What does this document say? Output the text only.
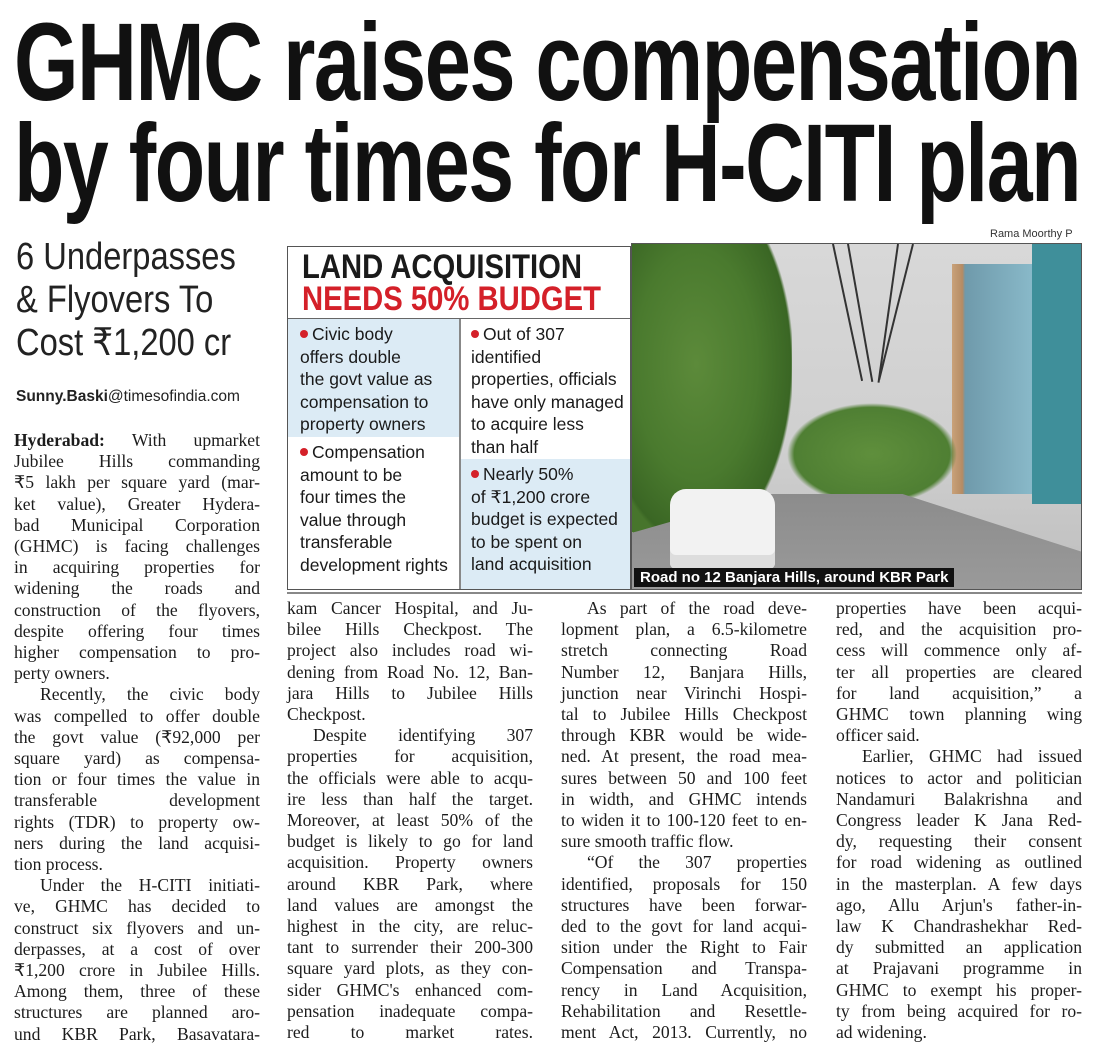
GHMC raises compensation
by four times for H-CITI plan
6 Underpasses
& Flyovers To
Cost ₹1,200 cr
Sunny.Baski@timesofindia.com
LAND ACQUISITION
NEEDS 50% BUDGET
Civic body
offers double
the govt value as
compensation to
property owners
Compensation
amount to be
four times the
value through
transferable
development rights
Out of 307
identified
properties, officials
have only managed
to acquire less
than half
Nearly 50%
of ₹1,200 crore
budget is expected
to be spent on
land acquisition
Rama Moorthy P
Road no 12 Banjara Hills, around KBR Park
Hyderabad: With upmarket
Jubilee Hills commanding
₹5 lakh per square yard (mar-
ket value), Greater Hydera-
bad Municipal Corporation
(GHMC) is facing challenges
in acquiring properties for
widening the roads and
construction of the flyovers,
despite offering four times
higher compensation to pro-
perty owners.
Recently, the civic body
was compelled to offer double
the govt value (₹92,000 per
square yard) as compensa-
tion or four times the value in
transferable development
rights (TDR) to property ow-
ners during the land acquisi-
tion process.
Under the H-CITI initiati-
ve, GHMC has decided to
construct six flyovers and un-
derpasses, at a cost of over
₹1,200 crore in Jubilee Hills.
Among them, three of these
structures are planned aro-
und KBR Park, Basavatara-
kam Cancer Hospital, and Ju-
bilee Hills Checkpost. The
project also includes road wi-
dening from Road No. 12, Ban-
jara Hills to Jubilee Hills
Checkpost.
Despite identifying 307
properties for acquisition,
the officials were able to acqu-
ire less than half the target.
Moreover, at least 50% of the
budget is likely to go for land
acquisition. Property owners
around KBR Park, where
land values are amongst the
highest in the city, are reluc-
tant to surrender their 200-300
square yard plots, as they con-
sider GHMC's enhanced com-
pensation inadequate compa-
red to market rates.
As part of the road deve-
lopment plan, a 6.5-kilometre
stretch connecting Road
Number 12, Banjara Hills,
junction near Virinchi Hospi-
tal to Jubilee Hills Checkpost
through KBR would be wide-
ned. At present, the road mea-
sures between 50 and 100 feet
in width, and GHMC intends
to widen it to 100-120 feet to en-
sure smooth traffic flow.
“Of the 307 properties
identified, proposals for 150
structures have been forwar-
ded to the govt for land acqui-
sition under the Right to Fair
Compensation and Transpa-
rency in Land Acquisition,
Rehabilitation and Resettle-
ment Act, 2013. Currently, no
properties have been acqui-
red, and the acquisition pro-
cess will commence only af-
ter all properties are cleared
for land acquisition,” a
GHMC town planning wing
officer said.
Earlier, GHMC had issued
notices to actor and politician
Nandamuri Balakrishna and
Congress leader K Jana Red-
dy, requesting their consent
for road widening as outlined
in the masterplan. A few days
ago, Allu Arjun's father-in-
law K Chandrashekhar Red-
dy submitted an application
at Prajavani programme in
GHMC to exempt his proper-
ty from being acquired for ro-
ad widening.
